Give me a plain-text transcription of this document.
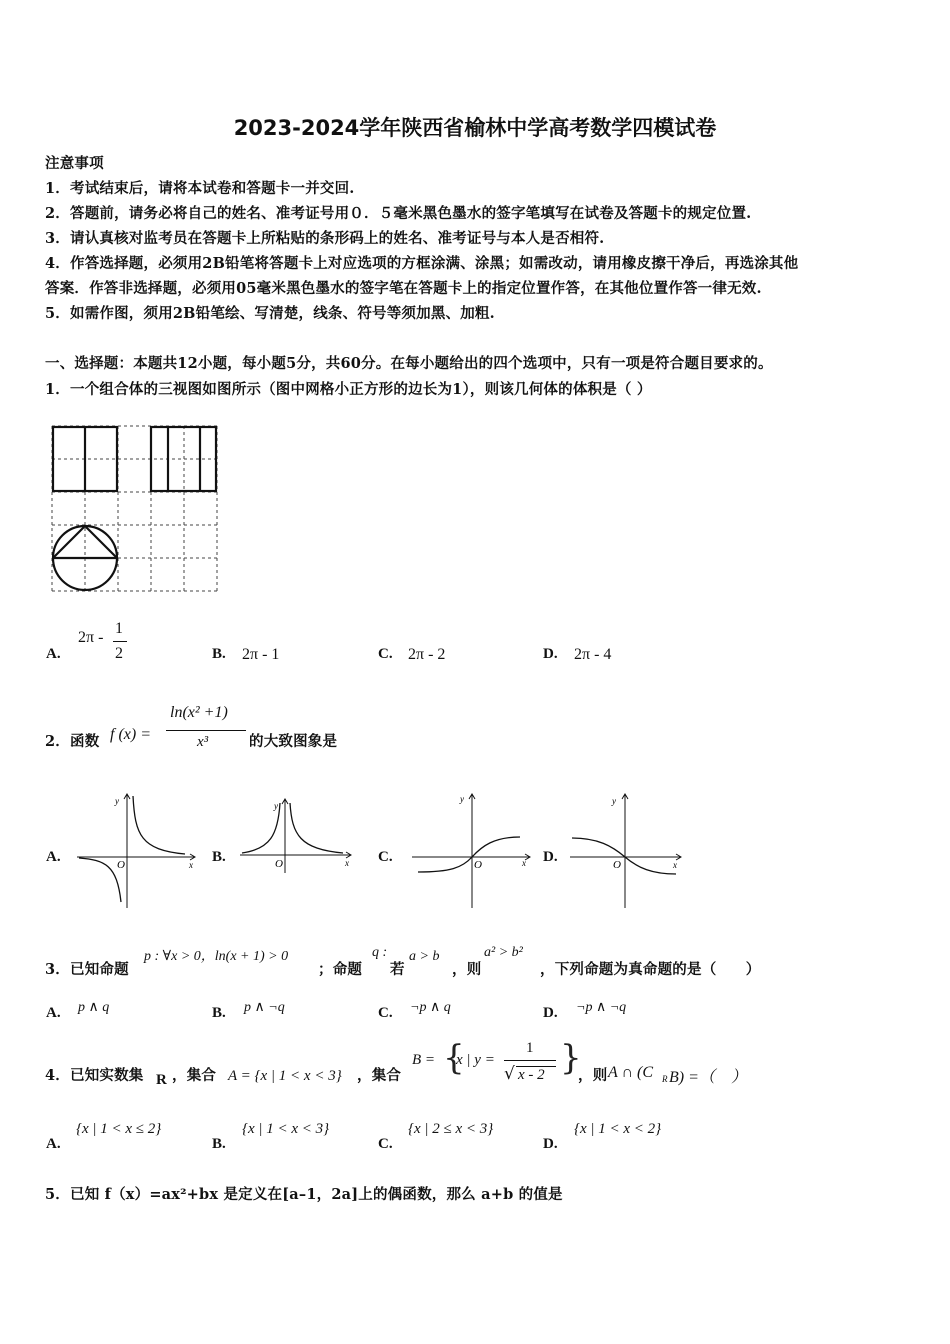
2023-2024学年陕西省榆林中学高考数学四模试卷
注意事项
1．考试结束后，请将本试卷和答题卡一并交回.
2．答题前，请务必将自己的姓名、准考证号用０．５毫米黑色墨水的签字笔填写在试卷及答题卡的规定位置.
3．请认真核对监考员在答题卡上所粘贴的条形码上的姓名、准考证号与本人是否相符.
4．作答选择题，必须用2B铅笔将答题卡上对应选项的方框涂满、涂黑；如需改动，请用橡皮擦干净后，再选涂其他
答案．作答非选择题，必须用05毫米黑色墨水的签字笔在答题卡上的指定位置作答，在其他位置作答一律无效.
5．如需作图，须用2B铅笔绘、写清楚，线条、符号等须加黑、加粗.
一、选择题：本题共12小题，每小题5分，共60分。在每小题给出的四个选项中，只有一项是符合题目要求的。
1．一个组合体的三视图如图所示（图中网格小正方形的边长为1），则该几何体的体积是（ ）
A.
2π -
1
2	B. 2π - 1	C. 2π - 2	D. 2π - 4
2．函数 f (x) =
ln(x² +1)
x³	的大致图象是
A.
y
x
O	B.
y
x
O	C.
y
x
O	D.
y
x
O
3．已知命题
p : ∀x > 0，ln(x + 1) > 0
；命题
q :
若
a > b
，则
a² > b²
，下列命题为真命题的是（　　）
A. p ∧ q	B. p ∧ ¬q	C. ¬p ∧ q	D. ¬p ∧ ¬q
4．已知实数集 R ，集合 A = {x | 1 < x < 3} ，集合
B = {
x | y =
1
√ x - 2 }
，则 A ∩ (C R B) =（　）
A.
{x | 1 < x ≤ 2}
B.
{x | 1 < x < 3}
C.
{x | 2 ≤ x < 3}
D.
{x | 1 < x < 2}
5．已知 f（x）=ax²+bx 是定义在[a–1，2a]上的偶函数，那么 a+b 的值是
